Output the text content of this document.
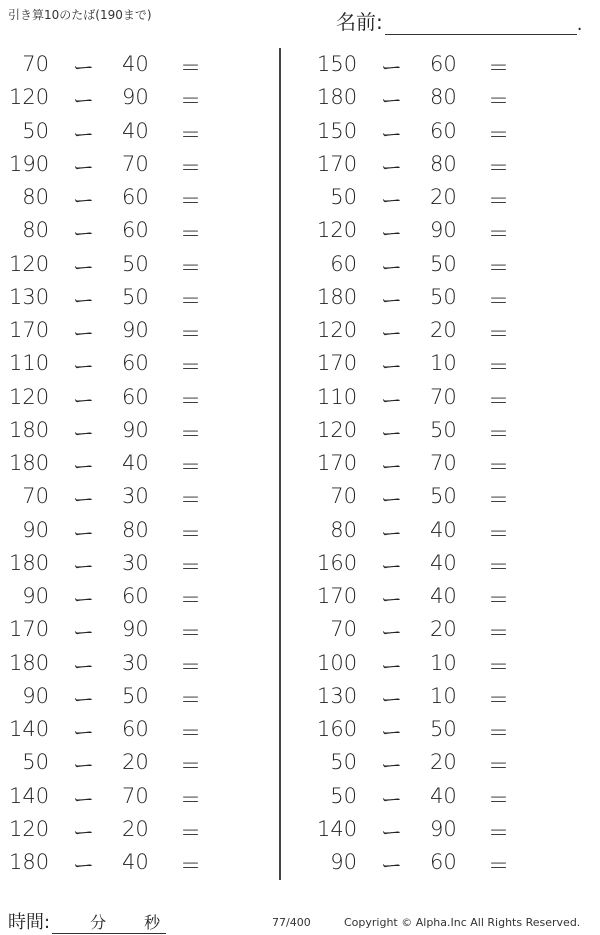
引き算10のたば(190まで)	名前:	.
70 ー 40 ＝
120 ー 90 ＝
50 ー 40 ＝
190 ー 70 ＝
80 ー 60 ＝
80 ー 60 ＝
120 ー 50 ＝
130 ー 50 ＝
170 ー 90 ＝
110 ー 60 ＝
120 ー 60 ＝
180 ー 90 ＝
180 ー 40 ＝
70 ー 30 ＝
90 ー 80 ＝
180 ー 30 ＝
90 ー 60 ＝
170 ー 90 ＝
180 ー 30 ＝
90 ー 50 ＝
140 ー 60 ＝
50 ー 20 ＝
140 ー 70 ＝
120 ー 20 ＝
180 ー 40 ＝
150 ー 60 ＝
180 ー 80 ＝
150 ー 60 ＝
170 ー 80 ＝
50 ー 20 ＝
120 ー 90 ＝
60 ー 50 ＝
180 ー 50 ＝
120 ー 20 ＝
170 ー 10 ＝
110 ー 70 ＝
120 ー 50 ＝
170 ー 70 ＝
70 ー 50 ＝
80 ー 40 ＝
160 ー 40 ＝
170 ー 40 ＝
70 ー 20 ＝
100 ー 10 ＝
130 ー 10 ＝
160 ー 50 ＝
50 ー 20 ＝
50 ー 40 ＝
140 ー 90 ＝
90 ー 60 ＝
時間:	分 秒	77/400	Copyright © Alpha.Inc All Rights Reserved.
